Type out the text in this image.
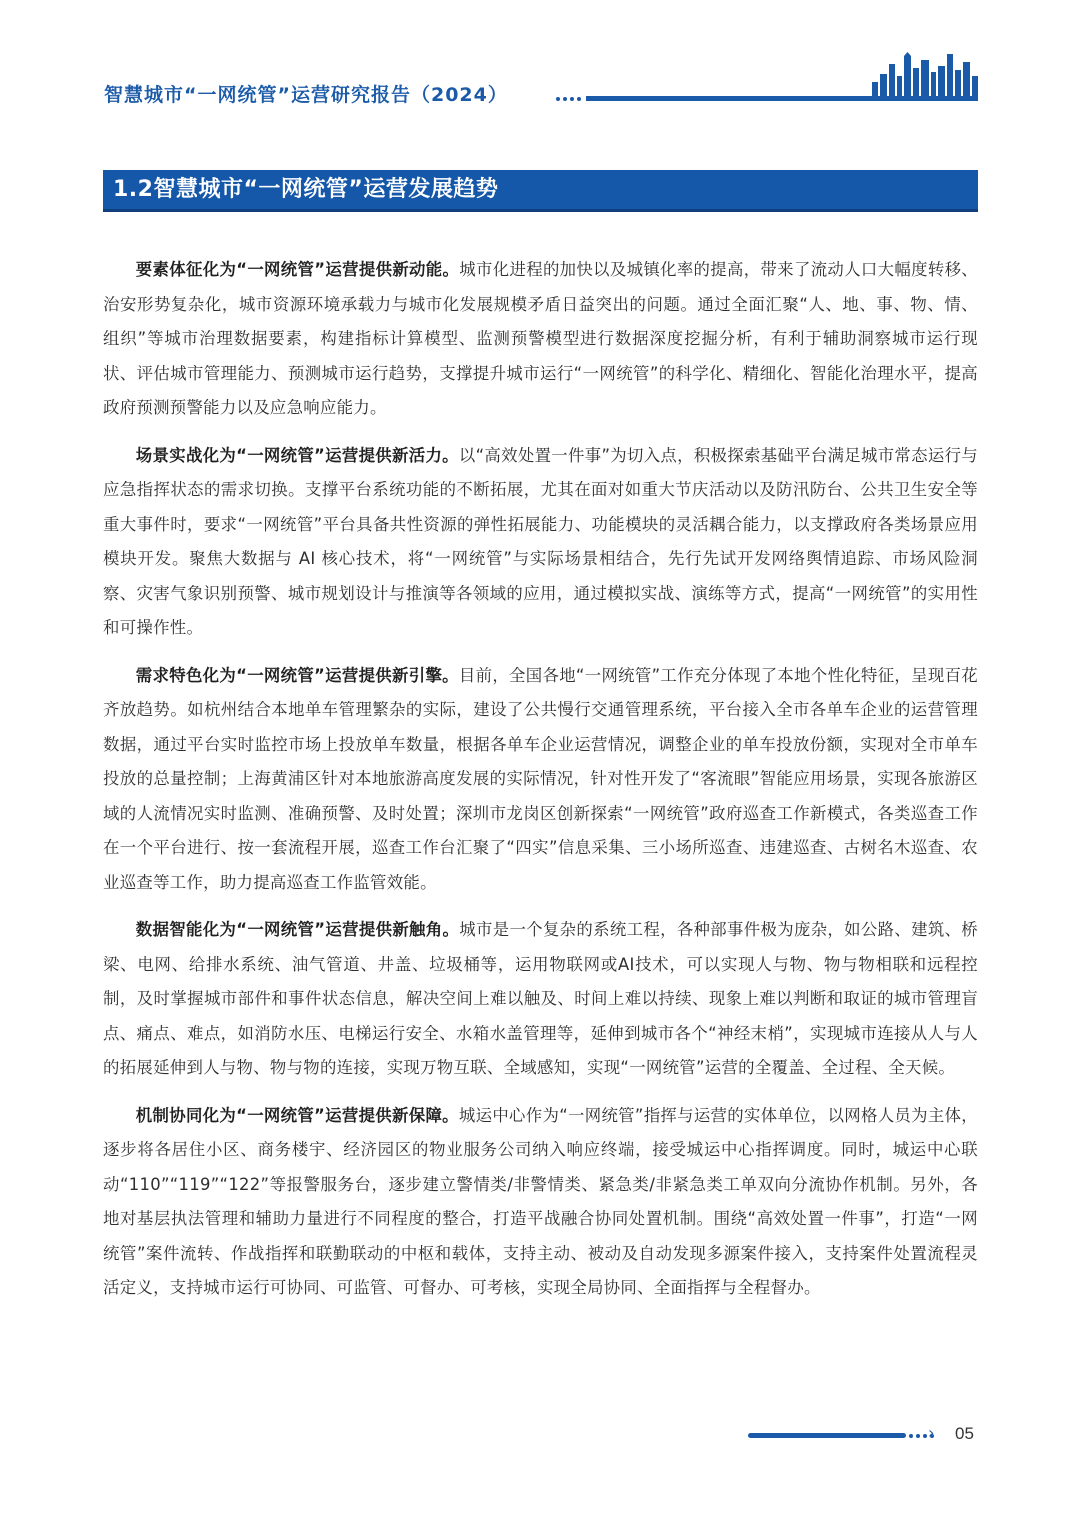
智慧城市“一网统管”运营研究报告（2024）
1.2智慧城市“一网统管”运营发展趋势

要素体征化为“一网统管”运营提供新动能。城市化进程的加快以及城镇化率的提高，带来了流动人口大幅度转移、治安形势复杂化，城市资源环境承载力与城市化发展规模矛盾日益突出的问题。通过全面汇聚“人、地、事、物、情、组织”等城市治理数据要素，构建指标计算模型、监测预警模型进行数据深度挖掘分析，有利于辅助洞察城市运行现状、评估城市管理能力、预测城市运行趋势，支撑提升城市运行“一网统管”的科学化、精细化、智能化治理水平，提高政府预测预警能力以及应急响应能力。

场景实战化为“一网统管”运营提供新活力。以“高效处置一件事”为切入点，积极探索基础平台满足城市常态运行与应急指挥状态的需求切换。支撑平台系统功能的不断拓展，尤其在面对如重大节庆活动以及防汛防台、公共卫生安全等重大事件时，要求“一网统管”平台具备共性资源的弹性拓展能力、功能模块的灵活耦合能力，以支撑政府各类场景应用模块开发。聚焦大数据与 AI 核心技术，将“一网统管”与实际场景相结合，先行先试开发网络舆情追踪、市场风险洞察、灾害气象识别预警、城市规划设计与推演等各领域的应用，通过模拟实战、演练等方式，提高“一网统管”的实用性和可操作性。

需求特色化为“一网统管”运营提供新引擎。目前，全国各地“一网统管”工作充分体现了本地个性化特征，呈现百花齐放趋势。如杭州结合本地单车管理繁杂的实际，建设了公共慢行交通管理系统，平台接入全市各单车企业的运营管理数据，通过平台实时监控市场上投放单车数量，根据各单车企业运营情况，调整企业的单车投放份额，实现对全市单车投放的总量控制；上海黄浦区针对本地旅游高度发展的实际情况，针对性开发了“客流眼”智能应用场景，实现各旅游区域的人流情况实时监测、准确预警、及时处置；深圳市龙岗区创新探索“一网统管”政府巡查工作新模式，各类巡查工作在一个平台进行、按一套流程开展，巡查工作台汇聚了“四实”信息采集、三小场所巡查、违建巡查、古树名木巡查、农业巡查等工作，助力提高巡查工作监管效能。

数据智能化为“一网统管”运营提供新触角。城市是一个复杂的系统工程，各种部事件极为庞杂，如公路、建筑、桥梁、电网、给排水系统、油气管道、井盖、垃圾桶等，运用物联网或AI技术，可以实现人与物、物与物相联和远程控制，及时掌握城市部件和事件状态信息，解决空间上难以触及、时间上难以持续、现象上难以判断和取证的城市管理盲点、痛点、难点，如消防水压、电梯运行安全、水箱水盖管理等，延伸到城市各个“神经末梢”，实现城市连接从人与人的拓展延伸到人与物、物与物的连接，实现万物互联、全域感知，实现“一网统管”运营的全覆盖、全过程、全天候。

机制协同化为“一网统管”运营提供新保障。城运中心作为“一网统管”指挥与运营的实体单位，以网格人员为主体，逐步将各居住小区、商务楼宇、经济园区的物业服务公司纳入响应终端，接受城运中心指挥调度。同时，城运中心联动“110”“119”“122”等报警服务台，逐步建立警情类/非警情类、紧急类/非紧急类工单双向分流协作机制。另外，各地对基层执法管理和辅助力量进行不同程度的整合，打造平战融合协同处置机制。围绕“高效处置一件事”，打造“一网统管”案件流转、作战指挥和联勤联动的中枢和载体，支持主动、被动及自动发现多源案件接入，支持案件处置流程灵活定义，支持城市运行可协同、可监管、可督办、可考核，实现全局协同、全面指挥与全程督办。

› 05
